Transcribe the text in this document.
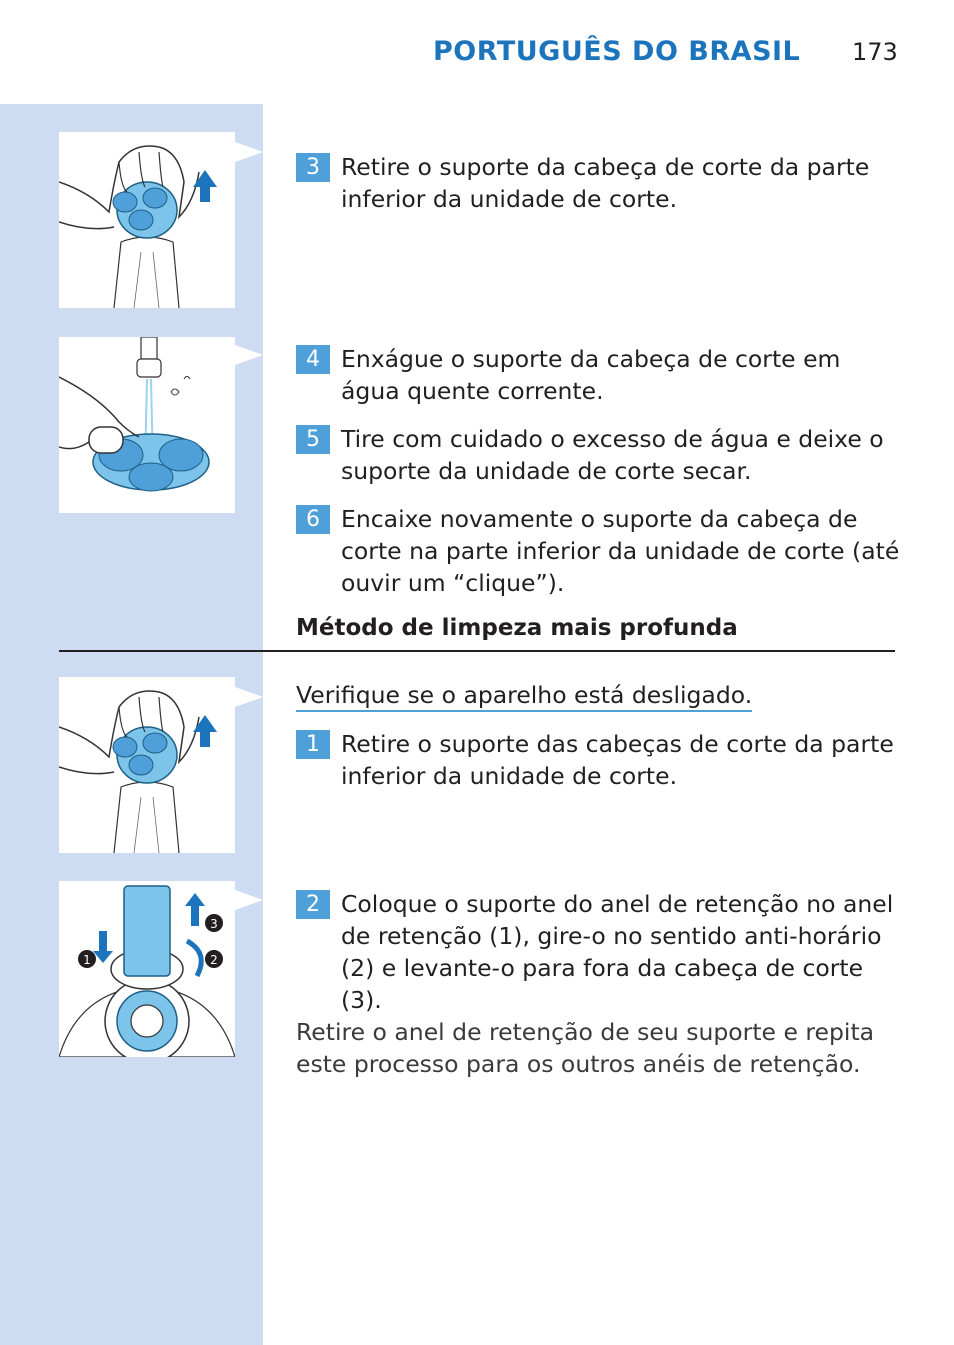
PORTUGUÊS DO BRASIL 173
1	2
3
3 Retire o suporte da cabeça de corte da parte inferior da unidade de corte.
4 Enxágue o suporte da cabeça de corte em água quente corrente.
5 Tire com cuidado o excesso de água e deixe o suporte da unidade de corte secar.
6 Encaixe novamente o suporte da cabeça de corte na parte inferior da unidade de corte (até ouvir um “clique”).
Método de limpeza mais profunda
Verifique se o aparelho está desligado.
1 Retire o suporte das cabeças de corte da parte inferior da unidade de corte.
2 Coloque o suporte do anel de retenção no anel de retenção (1), gire-o no sentido anti-horário (2) e levante-o para fora da cabeça de corte (3).
Retire o anel de retenção de seu suporte e repita este processo para os outros anéis de retenção.
